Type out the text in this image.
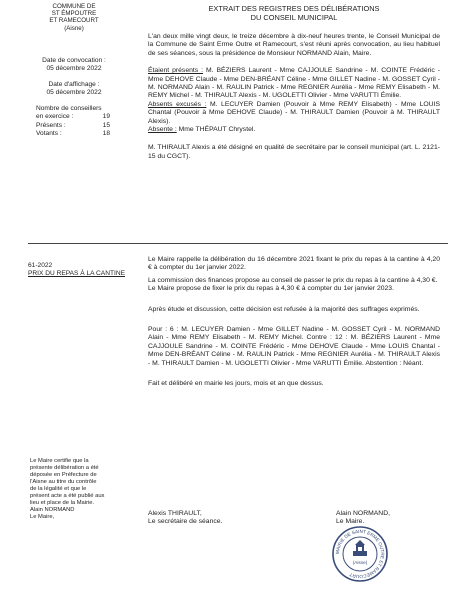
COMMUNE DE
ST ÉMPOUTRE
ET RAMECOURT
(Aisne)
EXTRAIT DES REGISTRES DES DÉLIBÉRATIONS
DU CONSEIL MUNICIPAL
Date de convocation :
05 décembre 2022
Date d'affichage :
05 décembre 2022
Nombre de conseillers
en exercice :	19
Présents :	15
Votants :	18

L'an deux mille vingt deux, le treize décembre à dix-neuf heures trente, le Conseil Municipal de la Commune de Saint Erme Outre et Ramecourt, s'est réuni après convocation, au lieu habituel de ses séances, sous la présidence de Monsieur NORMAND Alain, Maire.

Étaient présents : M. BÉZIERS Laurent - Mme CAJJOULE Sandrine - M. COINTE Frédéric - Mme DEHOVE Claude - Mme DEN-BRÉANT Céline - Mme GILLET Nadine - M. GOSSET Cyril - M. NORMAND Alain - M. RAULIN Patrick - Mme REGNIER Aurélia - Mme REMY Elisabeth - M. REMY Michel - M. THIRAULT Alexis - M. UGOLETTI Olivier - Mme VARUTTI Émilie.

Absents excusés : M. LECUYER Damien (Pouvoir à Mme REMY Elisabeth) - Mme LOUIS Chantal (Pouvoir à Mme DEHOVE Claude) - M. THIRAULT Damien (Pouvoir à M. THIRAULT Alexis).

Absente : Mme THÉPAUT Chrystel.

M. THIRAULT Alexis a été désigné en qualité de secrétaire par le conseil municipal (art. L. 2121-15 du CGCT).

61-2022
PRIX DU REPAS À LA CANTINE

Le Maire rappelle la délibération du 16 décembre 2021 fixant le prix du repas à la cantine à 4,20 € à compter du 1er janvier 2022.

La commission des finances propose au conseil de passer le prix du repas à la cantine à 4,30 €.

Le Maire propose de fixer le prix du repas à 4,30 € à compter du 1er janvier 2023.

Après étude et discussion, cette décision est refusée à la majorité des suffrages exprimés.

Pour : 6 : M. LECUYER Damien - Mme GILLET Nadine - M. GOSSET Cyril - M. NORMAND Alain - Mme REMY Elisabeth - M. REMY Michel. Contre : 12 : M. BÉZIERS Laurent - Mme CAJJOULE Sandrine - M. COINTE Frédéric - Mme DEHOVE Claude - Mme LOUIS Chantal - Mme DEN-BRÉANT Céline - M. RAULIN Patrick - Mme REGNIER Aurélia - M. THIRAULT Alexis - M. THIRAULT Damien - M. UGOLETTI Olivier - Mme VARUTTI Émilie. Abstention : Néant.

Fait et délibéré en mairie les jours, mois et an que dessus.

Le Maire certifie que la
présente délibération a été
déposée en Préfecture de
l'Aisne au titre du contrôle
de la légalité et que le
présent acte a été publié aux
lieu et place de la Mairie.
Alain NORMAND
Le Maire,	Alexis THIRAULT,
Le secrétaire de séance.
Alain NORMAND,
Le Maire.
MAIRIE DE SAINT ERME OUTRE ET RAMECOURT
(Aisne)
